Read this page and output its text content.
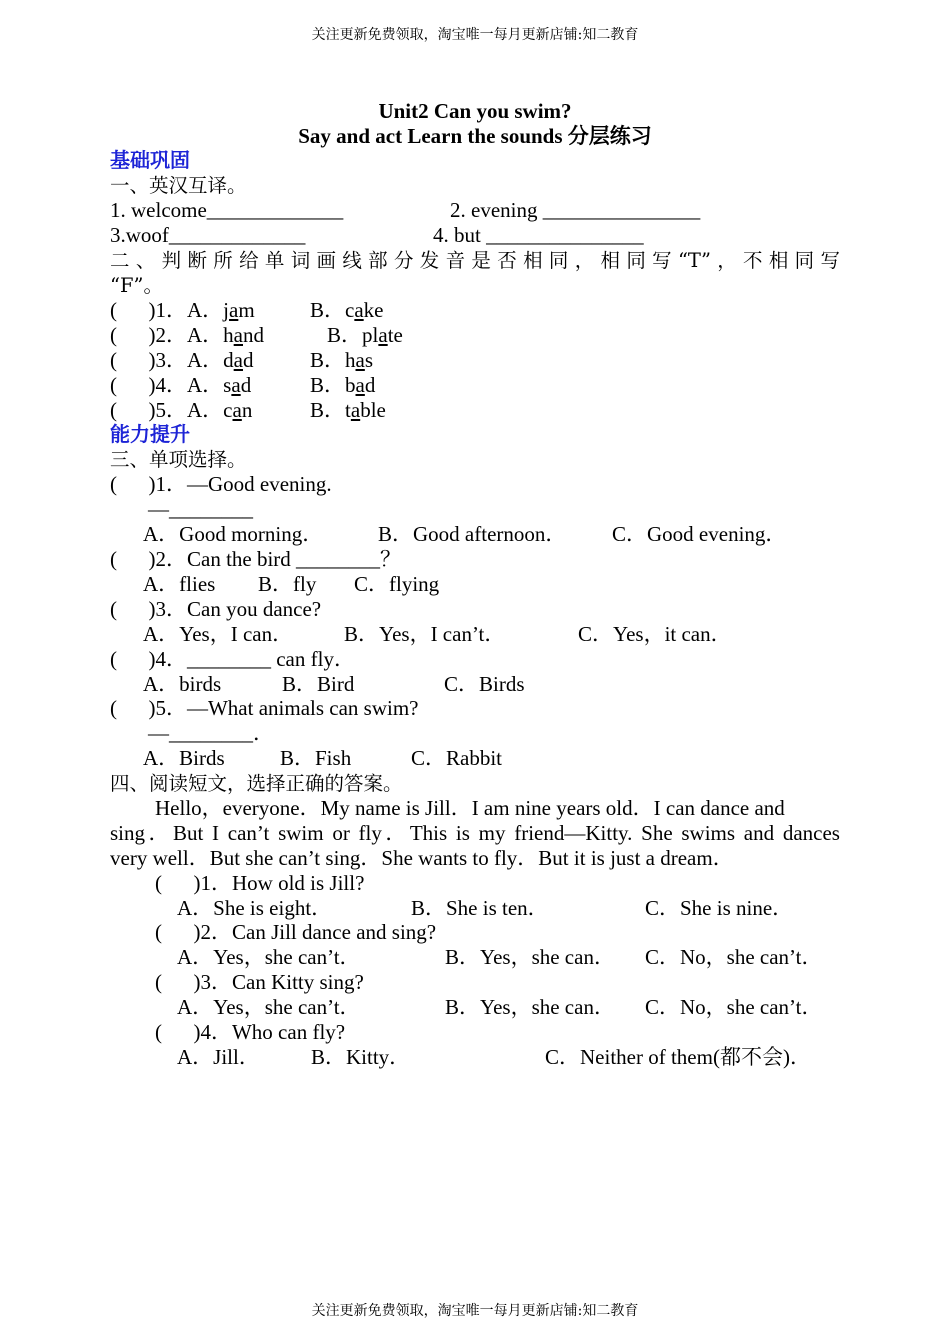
关注更新免费领取，淘宝唯一每月更新店铺:知二教育
Unit2 Can you swim?
Say and act Learn the sounds 分层练习
基础巩固
一、英汉互译。
1. welcome_____________	2. evening _______________
3.woof_____________	4. but _______________
二、判断所给单词画线部分发音是否相同，相同写“T”，不相同写
“F”。
(      )1．A．jam	B．cake
(      )2．A．hand	B．plate
(      )3．A．dad	B．has
(      )4．A．sad	B．bad
(      )5．A．can	B．table
能力提升
三、单项选择。
(      )1．—Good evening.
—________
A．Good morning．	B．Good afternoon． C．Good evening．
(      )2．Can the bird ________？
A．flies B．fly C．flying
(      )3．Can you dance?
A．Yes，I can． B．Yes，I can’t．	C．Yes，it can．
(      )4．________ can fly．
A．birds	B．Bird	C．Birds
(      )5．—What animals can swim?
—________．
A．Birds	B．Fish	C．Rabbit
四、阅读短文，选择正确的答案。
Hello，everyone．My name is Jill．I am nine years old．I can dance and
sing．But I can’t swim or fly．This is my friend—Kitty. She swims and dances
very well．But she can’t sing．She wants to fly．But it is just a dream．
(      )1．How old is Jill?
A．She is eight．	B．She is ten．	C．She is nine．
(      )2．Can Jill dance and sing?
A．Yes，she can’t．	B．Yes，she can． C．No，she can’t．
(      )3．Can Kitty sing?
A．Yes，she can’t．	B．Yes，she can． C．No，she can’t．
(      )4．Who can fly?
A．Jill． B．Kitty．	C．Neither of them(都不会)．
关注更新免费领取，淘宝唯一每月更新店铺:知二教育
